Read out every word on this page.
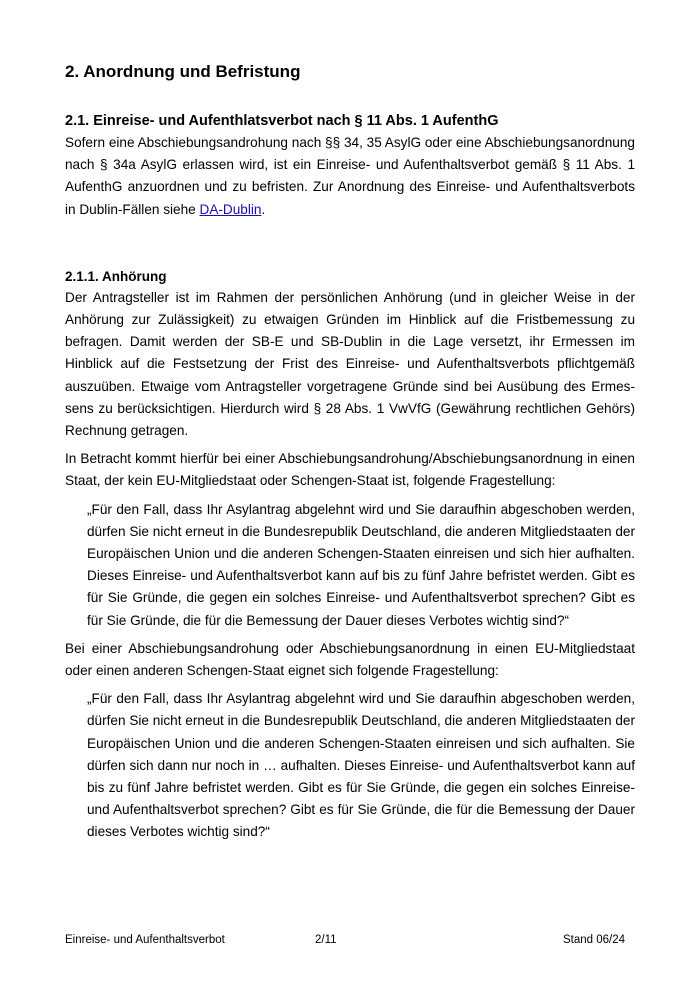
2. Anordnung und Befristung
2.1. Einreise- und Aufenthlatsverbot nach § 11 Abs. 1 AufenthG

Sofern eine Abschiebungsandrohung nach §§ 34, 35 AsylG oder eine Abschiebungsanordnung nach § 34a AsylG erlassen wird, ist ein Einreise- und Aufenthaltsverbot gemäß § 11 Abs. 1 AufenthG anzuordnen und zu befristen. Zur Anordnung des Einreise- und Aufenthaltsverbots in Dublin-Fällen siehe DA-Dublin.

2.1.1. Anhörung

Der Antragsteller ist im Rahmen der persönlichen Anhörung (und in gleicher Weise in der Anhörung zur Zulässigkeit) zu etwaigen Gründen im Hinblick auf die Fristbemessung zu befragen. Damit werden der SB-E und SB-Dublin in die Lage versetzt, ihr Ermessen im Hinblick auf die Festsetzung der Frist des Einreise- und Aufenthaltsverbots pflichtgemäß auszuüben. Etwaige vom Antragsteller vorgetragene Gründe sind bei Ausübung des Ermessens zu berücksichtigen. Hierdurch wird § 28 Abs. 1 VwVfG (Gewährung rechtlichen Gehörs) Rechnung getragen.

In Betracht kommt hierfür bei einer Abschiebungsandrohung/Abschiebungsanordnung in einen Staat, der kein EU-Mitgliedstaat oder Schengen-Staat ist, folgende Fragestellung:

„Für den Fall, dass Ihr Asylantrag abgelehnt wird und Sie daraufhin abgeschoben werden, dürfen Sie nicht erneut in die Bundesrepublik Deutschland, die anderen Mitgliedstaaten der Europäischen Union und die anderen Schengen-Staaten einreisen und sich hier aufhalten. Dieses Einreise- und Aufenthaltsverbot kann auf bis zu fünf Jahre befristet werden. Gibt es für Sie Gründe, die gegen ein solches Einreise- und Aufenthaltsverbot sprechen? Gibt es für Sie Gründe, die für die Bemessung der Dauer dieses Verbotes wichtig sind?“

Bei einer Abschiebungsandrohung oder Abschiebungsanordnung in einen EU-Mitgliedstaat oder einen anderen Schengen-Staat eignet sich folgende Fragestellung:

„Für den Fall, dass Ihr Asylantrag abgelehnt wird und Sie daraufhin abgeschoben werden, dürfen Sie nicht erneut in die Bundesrepublik Deutschland, die anderen Mitgliedstaaten der Europäischen Union und die anderen Schengen-Staaten einreisen und sich aufhalten. Sie dürfen sich dann nur noch in … aufhalten. Dieses Einreise- und Aufenthaltsverbot kann auf bis zu fünf Jahre befristet werden. Gibt es für Sie Gründe, die gegen ein solches Einreise- und Aufenthaltsverbot sprechen? Gibt es für Sie Gründe, die für die Bemessung der Dauer dieses Verbotes wichtig sind?“

Einreise- und Aufenthaltsverbot	2/11	Stand 06/24
